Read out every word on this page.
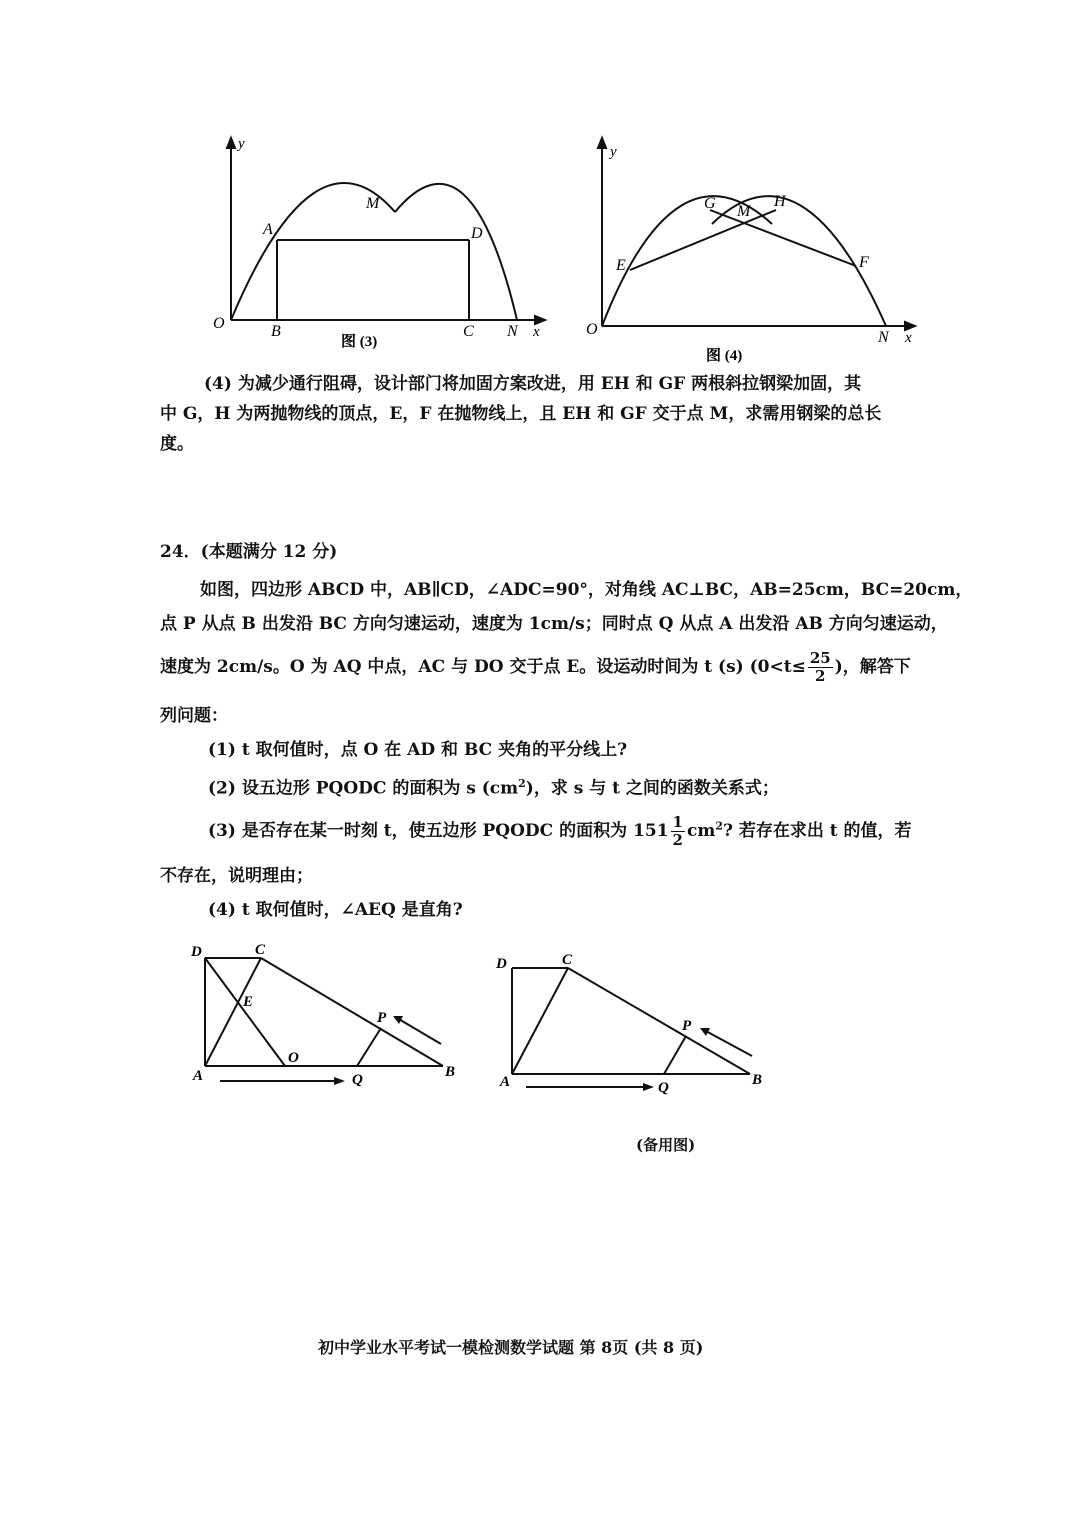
y
x
O
A
M
D
B	C N
图 (3)
y
x
O
G M
H
E	F
N
图 (4)
(4) 为减少通行阻碍，设计部门将加固方案改进，用 EH 和 GF 两根斜拉钢梁加固，其
中 G，H 为两抛物线的顶点，E，F 在抛物线上，且 EH 和 GF 交于点 M，求需用钢梁的总长
度。
24．(本题满分 12 分)
如图，四边形 ABCD 中，AB∥CD，∠ADC=90°，对角线 AC⊥BC，AB=25cm，BC=20cm，
点 P 从点 B 出发沿 BC 方向匀速运动，速度为 1cm/s；同时点 Q 从点 A 出发沿 AB 方向匀速运动，
速度为 2cm/s。O 为 AQ 中点，AC 与 DO 交于点 E。设运动时间为 t (s) ($0<t\le \frac{25}{2}$ )，解答下
列问题：
(1) t 取何值时，点 O 在 AD 和 BC 夹角的平分线上?
(2) 设五边形 PQODC 的面积为 s $(cm^2)$，求 s 与 t 之间的函数关系式；
(3) 是否存在某一时刻 t，使五边形 PQODC 的面积为 $151 \frac{1}{2} cm^2$? 若存在求出 t 的值，若
不存在，说明理由；
(4) t 取何值时，∠AEQ 是直角?
D	C
E
P
O
A	Q	B
D	C
P
A	Q	B
(备用图)
初中学业水平考试一模检测数学试题 第 8页 (共 8 页)
